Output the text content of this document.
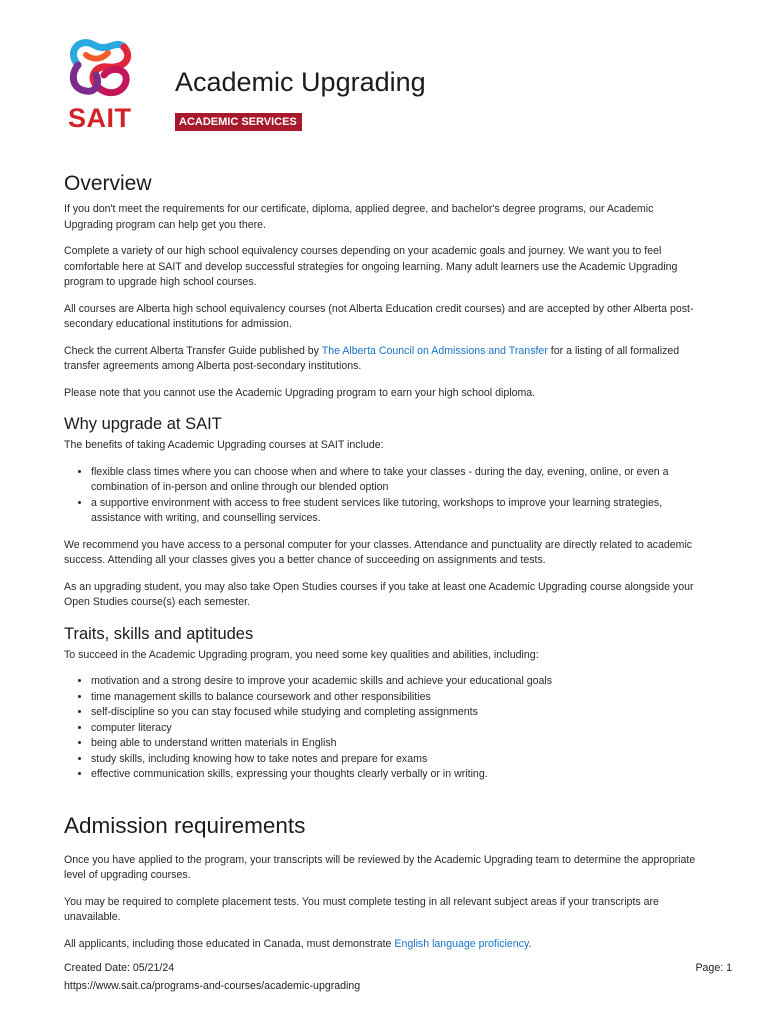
SAIT
Academic Upgrading
ACADEMIC SERVICES
Overview

If you don't meet the requirements for our certificate, diploma, applied degree, and bachelor's degree programs, our Academic Upgrading program can help get you there.

Complete a variety of our high school equivalency courses depending on your academic goals and journey. We want you to feel comfortable here at SAIT and develop successful strategies for ongoing learning. Many adult learners use the Academic Upgrading program to upgrade high school courses.

All courses are Alberta high school equivalency courses (not Alberta Education credit courses) and are accepted by other Alberta post-secondary educational institutions for admission.

Check the current Alberta Transfer Guide published by The Alberta Council on Admissions and Transfer for a listing of all formalized transfer agreements among Alberta post-secondary institutions.

Please note that you cannot use the Academic Upgrading program to earn your high school diploma.

Why upgrade at SAIT

The benefits of taking Academic Upgrading courses at SAIT include:

• flexible class times where you can choose when and where to take your classes - during the day, evening, online, or even a combination of in-person and online through our blended option
• a supportive environment with access to free student services like tutoring, workshops to improve your learning strategies, assistance with writing, and counselling services.

We recommend you have access to a personal computer for your classes. Attendance and punctuality are directly related to academic success. Attending all your classes gives you a better chance of succeeding on assignments and tests.

As an upgrading student, you may also take Open Studies courses if you take at least one Academic Upgrading course alongside your Open Studies course(s) each semester.

Traits, skills and aptitudes

To succeed in the Academic Upgrading program, you need some key qualities and abilities, including:

• motivation and a strong desire to improve your academic skills and achieve your educational goals
• time management skills to balance coursework and other responsibilities
• self-discipline so you can stay focused while studying and completing assignments
• computer literacy
• being able to understand written materials in English
• study skills, including knowing how to take notes and prepare for exams
• effective communication skills, expressing your thoughts clearly verbally or in writing.
Admission requirements

Once you have applied to the program, your transcripts will be reviewed by the Academic Upgrading team to determine the appropriate level of upgrading courses.

You may be required to complete placement tests. You must complete testing in all relevant subject areas if your transcripts are unavailable.

All applicants, including those educated in Canada, must demonstrate English language proficiency.

Created Date: 05/21/24	Page: 1
https://www.sait.ca/programs-and-courses/academic-upgrading
